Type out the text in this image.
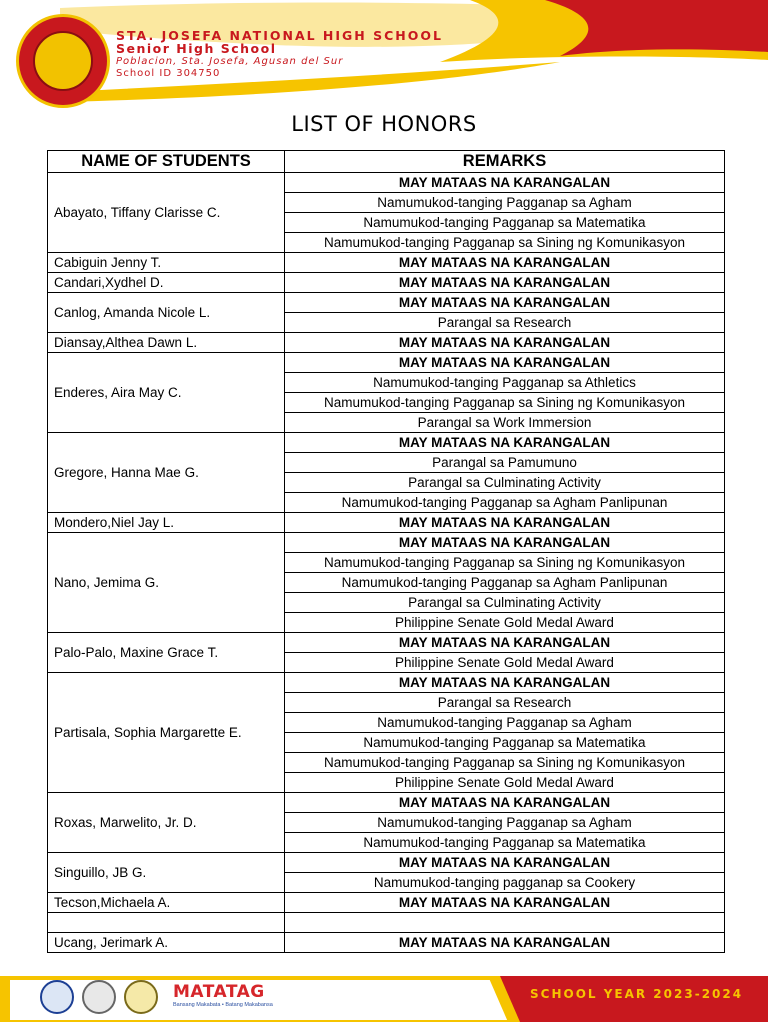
STA. JOSEFA NATIONAL HIGH SCHOOL
Senior High School
Poblacion, Sta. Josefa, Agusan del Sur
School ID 304750
LIST OF HONORS
NAME OF STUDENTS	REMARKS
Abayato, Tiffany Clarisse C.	MAY MATAAS NA KARANGALAN
	Namumukod-tanging Pagganap sa Agham
	Namumukod-tanging Pagganap sa Matematika
	Namumukod-tanging Pagganap sa Sining ng Komunikasyon
Cabiguin Jenny T.	MAY MATAAS NA KARANGALAN
Candari,Xydhel D.	MAY MATAAS NA KARANGALAN
Canlog, Amanda Nicole L.	MAY MATAAS NA KARANGALAN
	Parangal sa Research
Diansay,Althea Dawn L.	MAY MATAAS NA KARANGALAN
Enderes, Aira May C.	MAY MATAAS NA KARANGALAN
	Namumukod-tanging Pagganap sa Athletics
	Namumukod-tanging Pagganap sa Sining ng Komunikasyon
	Parangal sa Work Immersion
Gregore, Hanna Mae G.	MAY MATAAS NA KARANGALAN
	Parangal sa Pamumuno
	Parangal sa Culminating Activity
	Namumukod-tanging Pagganap sa Agham Panlipunan
Mondero,Niel Jay L.	MAY MATAAS NA KARANGALAN
Nano, Jemima G.	MAY MATAAS NA KARANGALAN
	Namumukod-tanging Pagganap sa Sining ng Komunikasyon
	Namumukod-tanging Pagganap sa Agham Panlipunan
	Parangal sa Culminating Activity
	Philippine Senate Gold Medal Award
Palo-Palo, Maxine Grace T.	MAY MATAAS NA KARANGALAN
	Philippine Senate Gold Medal Award
Partisala, Sophia Margarette E.	MAY MATAAS NA KARANGALAN
	Parangal sa Research
	Namumukod-tanging Pagganap sa Agham
	Namumukod-tanging Pagganap sa Matematika
	Namumukod-tanging Pagganap sa Sining ng Komunikasyon
	Philippine Senate Gold Medal Award
Roxas, Marwelito, Jr. D.	MAY MATAAS NA KARANGALAN
	Namumukod-tanging Pagganap sa Agham
	Namumukod-tanging Pagganap sa Matematika
Singuillo, JB G.	MAY MATAAS NA KARANGALAN
	Namumukod-tanging pagganap sa Cookery
Tecson,Michaela A.	MAY MATAAS NA KARANGALAN

Ucang, Jerimark A.	MAY MATAAS NA KARANGALAN
MATATAG
Bansang Makabata • Batang Makabansa
SCHOOL YEAR 2023-2024
